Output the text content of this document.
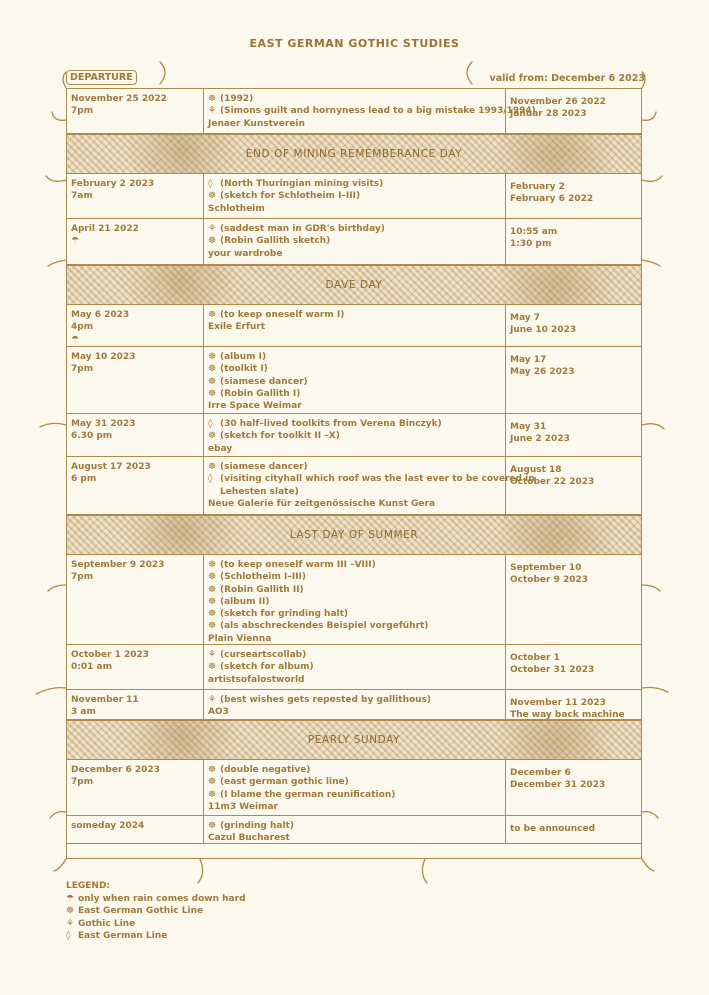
EAST GERMAN GOTHIC STUDIES
DEPARTURE	valid from: December 6 2023
November 25 2022
7pm
☸ (1992)
⚘ (Simons guilt and hornyness lead to a big mistake 1993/1994)
Jenaer Kunstverein
November 26 2022
Januar 28 2023
END OF MINING REMEMBERANCE DAY
February 2 2023
7am
◊ (North Thuringian mining visits)
☸ (sketch for Schlotheim I–III)
Schlotheim
February 2
February 6 2022
April 21 2022
☂
⚘ (saddest man in GDR's birthday)
☸ (Robin Gallith sketch)
your wardrobe
10:55 am
1:30 pm
DAVE DAY
May 6 2023
4pm
☂
☸ (to keep oneself warm I)
Exile Erfurt
May 7
June 10 2023
May 10 2023
7pm
☸ (album I)
☸ (toolkit I)
☸ (siamese dancer)
☸ (Robin Gallith I)
Irre Space Weimar
May 17
May 26 2023
May 31 2023
6.30 pm
◊ (30 half–lived toolkits from Verena Binczyk)
☸ (sketch for toolkit II –X)
ebay
May 31
June 2 2023
August 17 2023
6 pm
☸ (siamese dancer)
◊ (visiting cityhall which roof was the last ever to be covered in
Lehesten slate)
Neue Galerie für zeitgenössische Kunst Gera
August 18
October 22 2023
LAST DAY OF SUMMER
September 9 2023
7pm
☸ (to keep oneself warm III –VIII)
☸ (Schlotheim I–III)
☸ (Robin Gallith II)
☸ (album II)
☸ (sketch for grinding halt)
☸ (als abschreckendes Beispiel vorgeführt)
Plain Vienna
September 10
October 9 2023
October 1 2023
0:01 am
⚘ (curseartscollab)
☸ (sketch for album)
artistsofalostworld
October 1
October 31 2023
November 11
3 am
⚘ (best wishes gets reposted by gallithous)
AO3
November 11 2023
The way back machine
PEARLY SUNDAY
December 6 2023
7pm
☸ (double negative)
☸ (east german gothic line)
☸ (I blame the german reunification)
11m3 Weimar
December 6
December 31 2023
someday 2024	☸ (grinding halt)
Cazul Bucharest
to be announced
LEGEND:
☂ only when rain comes down hard
☸ East German Gothic Line
⚘ Gothic Line
◊ East German Line
